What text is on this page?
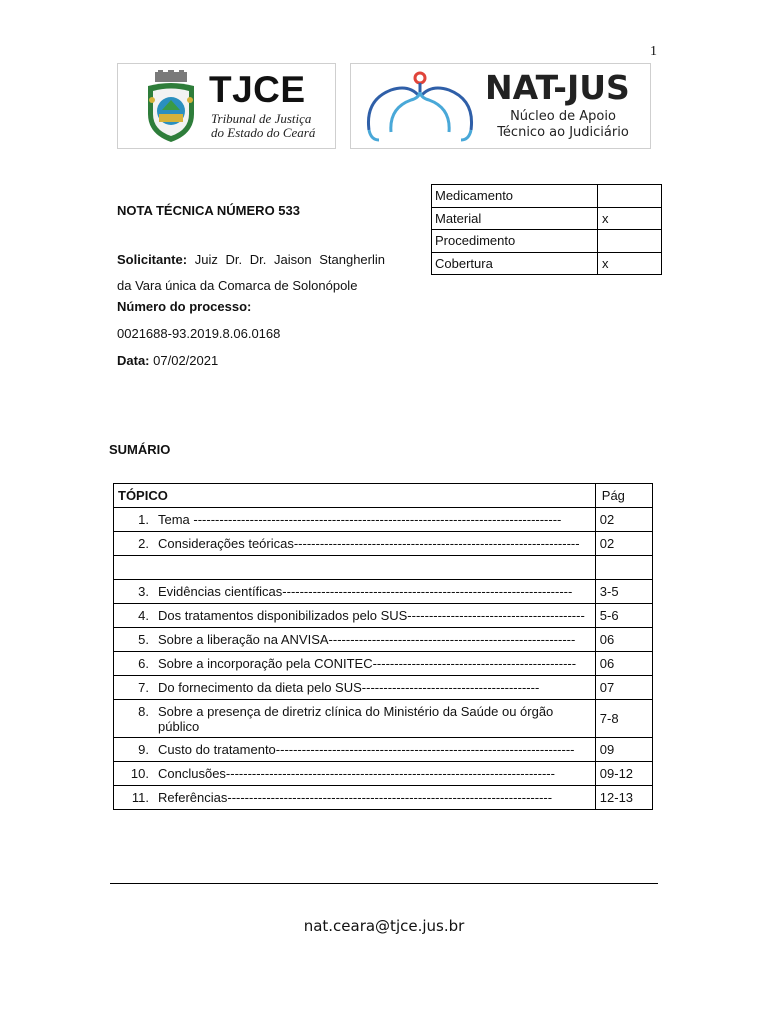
1
TJCE
Tribunal de Justiça
do Estado do Ceará
NAT-JUS
Núcleo de Apoio
Técnico ao Judiciário
NOTA TÉCNICA NÚMERO 533
Solicitante: Juiz Dr. Dr. Jaison Stangherlin
da Vara única da Comarca de Solonópole
Número do processo:
0021688-93.2019.8.06.0168
Data: 07/02/2021
Medicamento	
Material	x
Procedimento	
Cobertura	x
SUMÁRIO
TÓPICO	Pág
1. Tema -------------------------------------------------------------------------------------	02
2. Considerações teóricas------------------------------------------------------------------	02

3. Evidências científicas-------------------------------------------------------------------	3-5
4. Dos tratamentos disponibilizados pelo SUS-----------------------------------------	5-6
5. Sobre a liberação na ANVISA---------------------------------------------------------	06
6. Sobre a incorporação pela CONITEC-----------------------------------------------	06
7. Do fornecimento da dieta pelo SUS-----------------------------------------	07

8. Sobre a presença de diretriz clínica do Ministério da Saúde ou órgão público	7-8
9. Custo do tratamento---------------------------------------------------------------------	09
10. Conclusões----------------------------------------------------------------------------	09-12
11. Referências---------------------------------------------------------------------------	12-13
nat.ceara@tjce.jus.br
